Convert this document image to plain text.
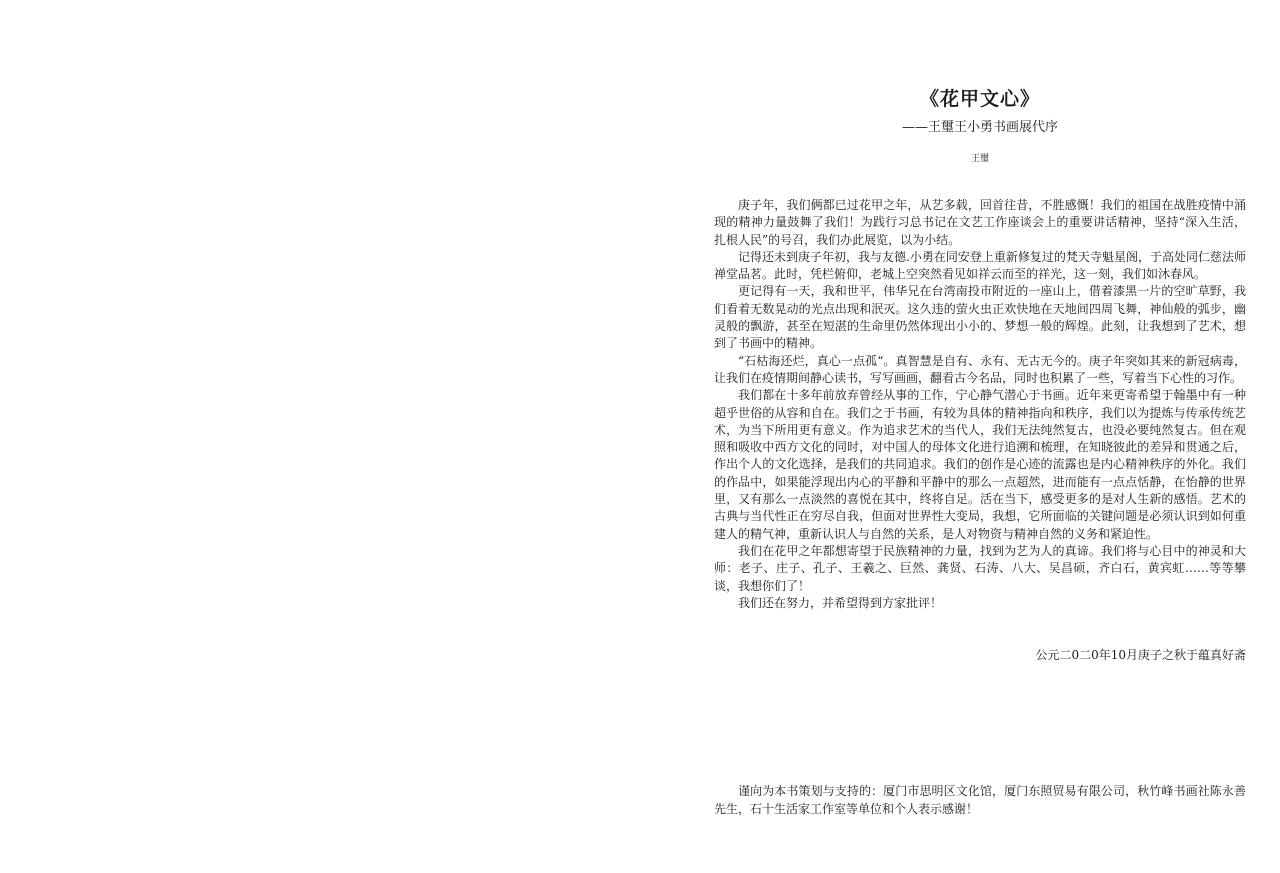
《花甲文心》
——王璽王小勇书画展代序
王璽

庚子年，我们俩都已过花甲之年，从艺多载，回首往昔，不胜感慨！我们的祖国在战胜疫情中涌现的精神力量鼓舞了我们！为践行习总书记在文艺工作座谈会上的重要讲话精神，坚持“深入生活，扎根人民”的号召，我们办此展览，以为小结。

记得还未到庚子年初，我与友德.小勇在同安登上重新修复过的梵天寺魁星阁，于高处同仁慈法师禅堂品茗。此时，凭栏俯仰，老城上空突然看见如祥云而至的祥光，这一刻，我们如沐春风。

更记得有一天，我和世平，伟华兄在台湾南投市附近的一座山上，借着漆黑一片的空旷草野，我们看着无数晃动的光点出现和泯灭。这久违的萤火虫正欢快地在天地间四周飞舞，神仙般的弧步，幽灵般的飘游，甚至在短湛的生命里仍然体现出小小的、梦想一般的辉煌。此刻，让我想到了艺术，想到了书画中的精神。

“石枯海还烂，真心一点孤“。真智慧是自有、永有、无古无今的。庚子年突如其来的新冠病毒，让我们在疫情期间静心读书，写写画画，翻看古今名品，同时也积累了一些，写着当下心性的习作。

我们都在十多年前放弃曾经从事的工作，宁心静气潜心于书画。近年来更寄希望于翰墨中有一种超乎世俗的从容和自在。我们之于书画，有较为具体的精神指向和秩序，我们以为提炼与传承传统艺术，为当下所用更有意义。作为追求艺术的当代人，我们无法纯然复古，也没必要纯然复古。但在观照和吸收中西方文化的同时，对中国人的母体文化进行追溯和梳理，在知晓彼此的差异和贯通之后，作出个人的文化选择，是我们的共同追求。我们的创作是心迹的流露也是内心精神秩序的外化。我们的作品中，如果能浮现出内心的平静和平静中的那么一点超然，进而能有一点点恬静，在怡静的世界里，又有那么一点淡然的喜悦在其中，终将自足。活在当下，感受更多的是对人生新的感悟。艺术的古典与当代性正在穷尽自我，但面对世界性大变局，我想，它所面临的关键问题是必须认识到如何重建人的精气神，重新认识人与自然的关系，是人对物资与精神自然的义务和紧迫性。

我们在花甲之年都想寄望于民族精神的力量，找到为艺为人的真谛。我们将与心目中的神灵和大师：老子、庄子、孔子、王羲之、巨然、龚贤、石涛、八大、吴昌硕，齐白石，黄宾虹……等等攀谈，我想你们了！

我们还在努力，并希望得到方家批评！

公元二0二0年10月庚子之秋于蕴真好斋
谨向为本书策划与支持的：厦门市思明区文化馆，厦门东照贸易有限公司，秋竹峰书画社陈永善先生，石十生活家工作室等单位和个人表示感谢！
